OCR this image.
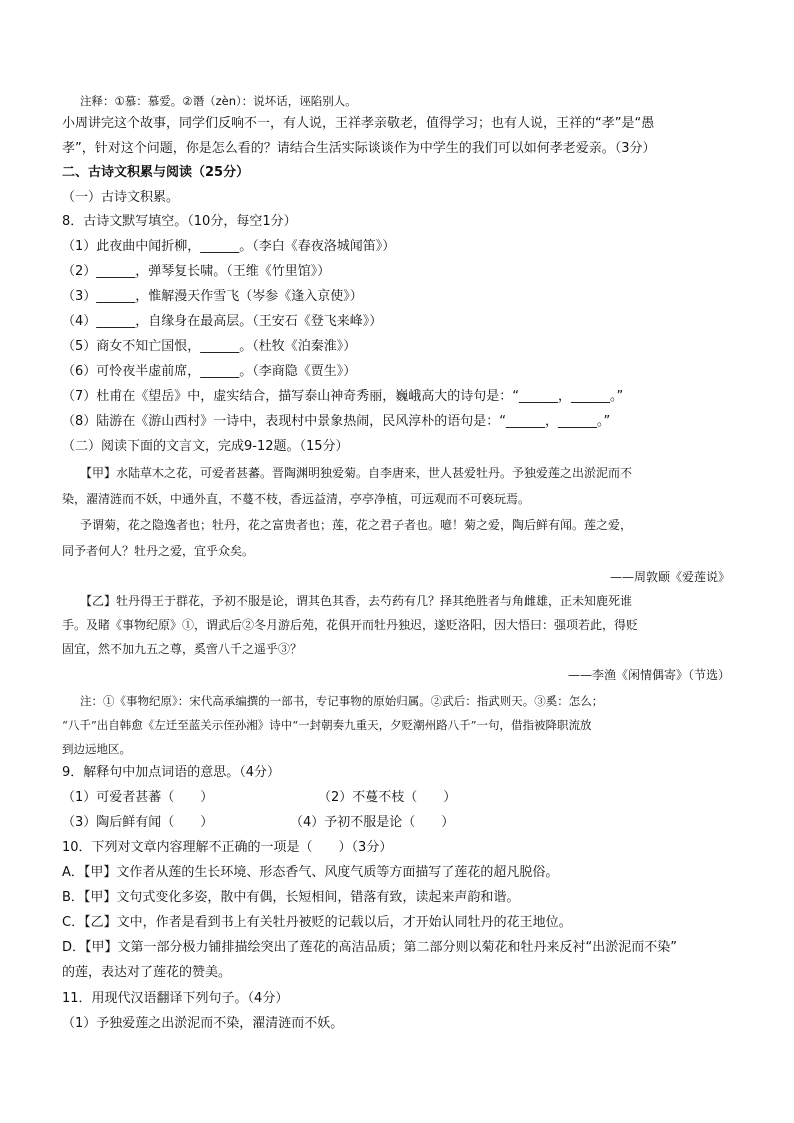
注释：①慕：慕爱。②谮（zèn）：说坏话，诬陷别人。
小周讲完这个故事，同学们反响不一，有人说，王祥孝亲敬老，值得学习；也有人说，王祥的“孝”是“愚
孝”，针对这个问题，你是怎么看的？请结合生活实际谈谈作为中学生的我们可以如何孝老爱亲。（3分）
二、古诗文积累与阅读（25分）
（一）古诗文积累。
8．古诗文默写填空。（10分，每空1分）
（1）此夜曲中闻折柳，______。（李白《春夜洛城闻笛》）
（2）______，弹琴复长啸。（王维《竹里馆》）
（3）______，惟解漫天作雪飞（岑参《逢入京使》）
（4）______，自缘身在最高层。（王安石《登飞来峰》）
（5）商女不知亡国恨，______。（杜牧《泊秦淮》）
（6）可怜夜半虚前席，______。（李商隐《贾生》）
（7）杜甫在《望岳》中，虚实结合，描写泰山神奇秀丽，巍峨高大的诗句是：“______，______。”
（8）陆游在《游山西村》一诗中，表现村中景象热闹，民风淳朴的语句是：“______，______。”
（二）阅读下面的文言文，完成9-12题。（15分）
【甲】水陆草木之花，可爱者甚蕃。晋陶渊明独爱菊。自李唐来，世人甚爱牡丹。予独爱莲之出淤泥而不
染，濯清涟而不妖，中通外直，不蔓不枝，香远益清，亭亭净植，可远观而不可亵玩焉。
予谓菊，花之隐逸者也；牡丹，花之富贵者也；莲，花之君子者也。噫！菊之爱，陶后鲜有闻。莲之爱，
同予者何人？牡丹之爱，宜乎众矣。
——周敦颐《爱莲说》
【乙】牡丹得王于群花，予初不服是论，谓其色其香，去芍药有几？择其绝胜者与角雌雄，正未知鹿死谁
手。及睹《事物纪原》①，谓武后②冬月游后苑，花俱开而牡丹独迟，遂贬洛阳，因大悟曰：强项若此，得贬
固宜，然不加九五之尊，奚啻八千之遥乎③？
——李渔《闲情偶寄》（节选）
注：①《事物纪原》：宋代高承编撰的一部书，专记事物的原始归属。②武后：指武则天。③奚：怎么；
“八千”出自韩愈《左迁至蓝关示侄孙湘》诗中“一封朝奏九重天，夕贬潮州路八千”一句，借指被降职流放
到边远地区。
9．解释句中加点词语的意思。（4分）
（1）可爱者甚蕃（　　）	（2）不蔓不枝（　　）
（3）陶后鲜有闻（　　）	（4）予初不服是论（　　）
10．下列对文章内容理解不正确的一项是（　　）（3分）
A．【甲】文作者从莲的生长环境、形态香气、风度气质等方面描写了莲花的超凡脱俗。
B．【甲】文句式变化多姿，散中有偶，长短相间，错落有致，读起来声韵和谐。
C．【乙】文中，作者是看到书上有关牡丹被贬的记载以后，才开始认同牡丹的花王地位。
D．【甲】文第一部分极力铺排描绘突出了莲花的高洁品质；第二部分则以菊花和牡丹来反衬“出淤泥而不染”
的莲，表达对了莲花的赞美。
11．用现代汉语翻译下列句子。（4分）
（1）予独爱莲之出淤泥而不染，濯清涟而不妖。
